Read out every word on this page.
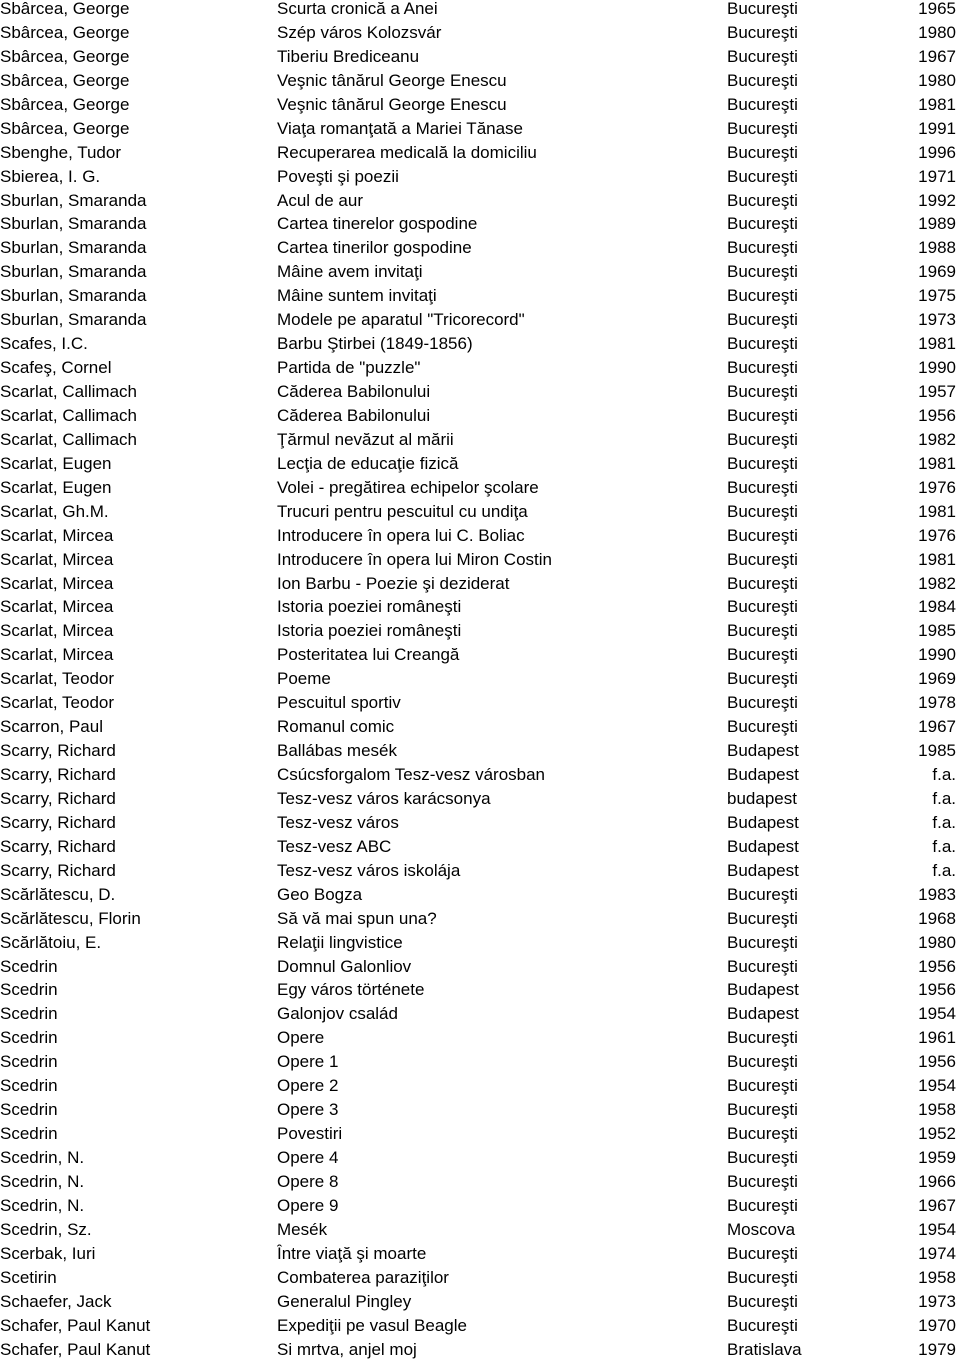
Sbârcea, George	Scurta cronică a Anei	Bucureşti	1965
Sbârcea, George	Szép város Kolozsvár	Bucureşti	1980
Sbârcea, George	Tiberiu Brediceanu	Bucureşti	1967
Sbârcea, George	Veşnic tânărul George Enescu	Bucureşti	1980
Sbârcea, George	Veşnic tânărul George Enescu	Bucureşti	1981
Sbârcea, George	Viaţa romanţată a Mariei Tănase	Bucureşti	1991
Sbenghe, Tudor	Recuperarea medicală la domiciliu	Bucureşti	1996
Sbierea, I. G.	Poveşti şi poezii	Bucureşti	1971
Sburlan, Smaranda	Acul de aur	Bucureşti	1992
Sburlan, Smaranda	Cartea tinerelor gospodine	Bucureşti	1989
Sburlan, Smaranda	Cartea tinerilor gospodine	Bucureşti	1988
Sburlan, Smaranda	Mâine avem invitaţi	Bucureşti	1969
Sburlan, Smaranda	Mâine suntem invitaţi	Bucureşti	1975
Sburlan, Smaranda	Modele pe aparatul "Tricorecord"	Bucureşti	1973
Scafes, I.C.	Barbu Ştirbei (1849-1856)	Bucureşti	1981
Scafeş, Cornel	Partida de "puzzle"	Bucureşti	1990
Scarlat, Callimach	Căderea Babilonului	Bucureşti	1957
Scarlat, Callimach	Căderea Babilonului	Bucureşti	1956
Scarlat, Callimach	Ţărmul nevăzut al mării	Bucureşti	1982
Scarlat, Eugen	Lecţia de educaţie fizică	Bucureşti	1981
Scarlat, Eugen	Volei - pregătirea echipelor şcolare	Bucureşti	1976
Scarlat, Gh.M.	Trucuri pentru pescuitul cu undiţa	Bucureşti	1981
Scarlat, Mircea	Introducere în opera lui C. Boliac	Bucureşti	1976
Scarlat, Mircea	Introducere în opera lui Miron Costin	Bucureşti	1981
Scarlat, Mircea	Ion Barbu - Poezie şi deziderat	Bucureşti	1982
Scarlat, Mircea	Istoria poeziei româneşti	Bucureşti	1984
Scarlat, Mircea	Istoria poeziei româneşti	Bucureşti	1985
Scarlat, Mircea	Posteritatea lui Creangă	Bucureşti	1990
Scarlat, Teodor	Poeme	Bucureşti	1969
Scarlat, Teodor	Pescuitul sportiv	Bucureşti	1978
Scarron, Paul	Romanul comic	Bucureşti	1967
Scarry, Richard	Ballábas mesék	Budapest	1985
Scarry, Richard	Csúcsforgalom Tesz-vesz városban	Budapest	f.a.
Scarry, Richard	Tesz-vesz város karácsonya	budapest	f.a.
Scarry, Richard	Tesz-vesz város	Budapest	f.a.
Scarry, Richard	Tesz-vesz ABC	Budapest	f.a.
Scarry, Richard	Tesz-vesz város iskolája	Budapest	f.a.
Scărlătescu, D.	Geo Bogza	Bucureşti	1983
Scărlătescu, Florin	Să vă mai spun una?	Bucureşti	1968
Scărlătoiu, E.	Relaţii lingvistice	Bucureşti	1980
Scedrin	Domnul Galonliov	Bucureşti	1956
Scedrin	Egy város története	Budapest	1956
Scedrin	Galonjov család	Budapest	1954
Scedrin	Opere	Bucureşti	1961
Scedrin	Opere 1	Bucureşti	1956
Scedrin	Opere 2	Bucureşti	1954
Scedrin	Opere 3	Bucureşti	1958
Scedrin	Povestiri	Bucureşti	1952
Scedrin, N.	Opere 4	Bucureşti	1959
Scedrin, N.	Opere 8	Bucureşti	1966
Scedrin, N.	Opere 9	Bucureşti	1967
Scedrin, Sz.	Mesék	Moscova	1954
Scerbak, Iuri	Între viaţă şi moarte	Bucureşti	1974
Scetirin	Combaterea paraziţilor	Bucureşti	1958
Schaefer, Jack	Generalul Pingley	Bucureşti	1973
Schafer, Paul Kanut	Expediţii pe vasul Beagle	Bucureşti	1970
Schafer, Paul Kanut	Si mrtva, anjel moj	Bratislava	1979
